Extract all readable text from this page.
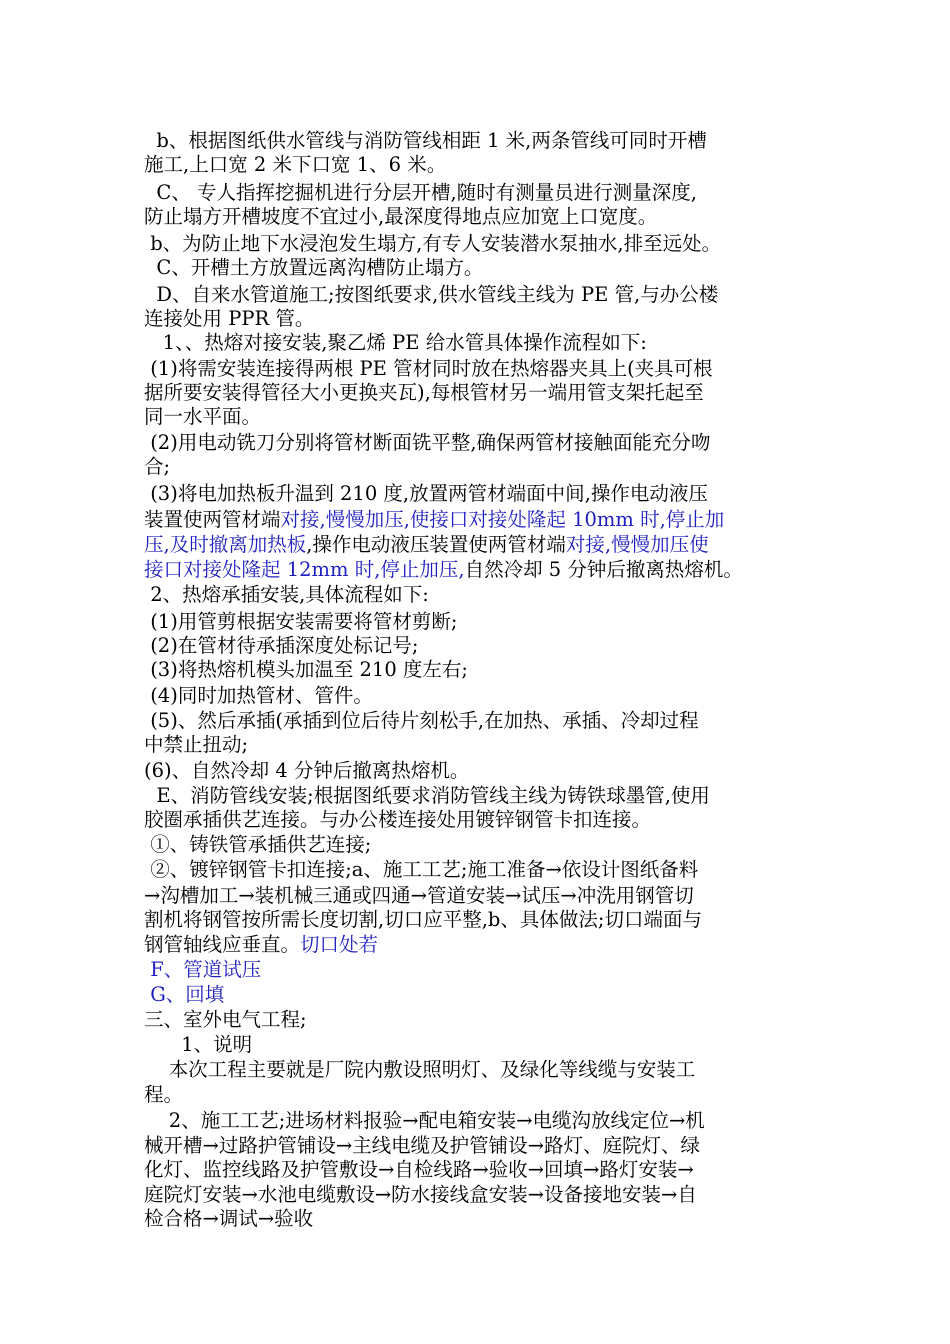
b、根据图纸供水管线与消防管线相距 1 米,两条管线可同时开槽
施工,上口宽 2 米下口宽 1、6 米。
C、 专人指挥挖掘机进行分层开槽,随时有测量员进行测量深度,
防止塌方开槽坡度不宜过小,最深度得地点应加宽上口宽度。
b、为防止地下水浸泡发生塌方,有专人安装潜水泵抽水,排至远处。
C、开槽土方放置远离沟槽防止塌方。
D、自来水管道施工;按图纸要求,供水管线主线为 PE 管,与办公楼
连接处用 PPR 管。
1、、热熔对接安装,聚乙烯 PE 给水管具体操作流程如下:
(1)将需安装连接得两根 PE 管材同时放在热熔器夹具上(夹具可根
据所要安装得管径大小更换夹瓦),每根管材另一端用管支架托起至
同一水平面。
(2)用电动铣刀分别将管材断面铣平整,确保两管材接触面能充分吻
合;
(3)将电加热板升温到 210 度,放置两管材端面中间,操作电动液压
装置使两管材端对接,慢慢加压,使接口对接处隆起 10mm 时,停止加
压,及时撤离加热板,操作电动液压装置使两管材端对接,慢慢加压使
接口对接处隆起 12mm 时,停止加压,自然冷却 5 分钟后撤离热熔机。
2、热熔承插安装,具体流程如下:
(1)用管剪根据安装需要将管材剪断;
(2)在管材待承插深度处标记号;
(3)将热熔机模头加温至 210 度左右;
(4)同时加热管材、管件。
(5)、然后承插(承插到位后待片刻松手,在加热、承插、冷却过程
中禁止扭动;
(6)、自然冷却 4 分钟后撤离热熔机。
E、消防管线安装;根据图纸要求消防管线主线为铸铁球墨管,使用
胶圈承插供艺连接。与办公楼连接处用镀锌钢管卡扣连接。
①、铸铁管承插供艺连接;
②、镀锌钢管卡扣连接;a、施工工艺;施工准备→依设计图纸备料
→沟槽加工→装机械三通或四通→管道安装→试压→冲洗用钢管切
割机将钢管按所需长度切割,切口应平整,b、具体做法;切口端面与
钢管轴线应垂直。切口处若
F、管道试压
G、回填
三、室外电气工程;
1、说明
本次工程主要就是厂院内敷设照明灯、及绿化等线缆与安装工
程。
2、施工工艺;进场材料报验→配电箱安装→电缆沟放线定位→机
械开槽→过路护管铺设→主线电缆及护管铺设→路灯、庭院灯、绿
化灯、监控线路及护管敷设→自检线路→验收→回填→路灯安装→
庭院灯安装→水池电缆敷设→防水接线盒安装→设备接地安装→自
检合格→调试→验收
